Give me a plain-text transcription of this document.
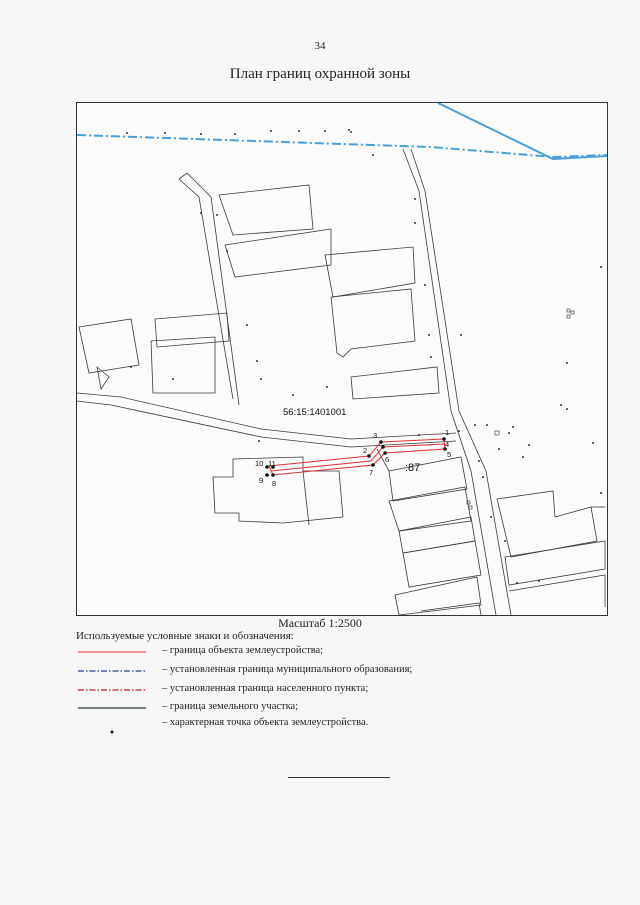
34
План границ охранной зоны
56:15:1401001
:87
1
2
3
4
5
6
7
8
9
10 11
Масштаб 1:2500
Используемые условные знаки и обозначения:
– граница объекта землеустройства;
– установленная граница муниципального образования;
– установленная граница населенного пункта;
– граница земельного участка;
– характерная точка объекта землеустройства.
